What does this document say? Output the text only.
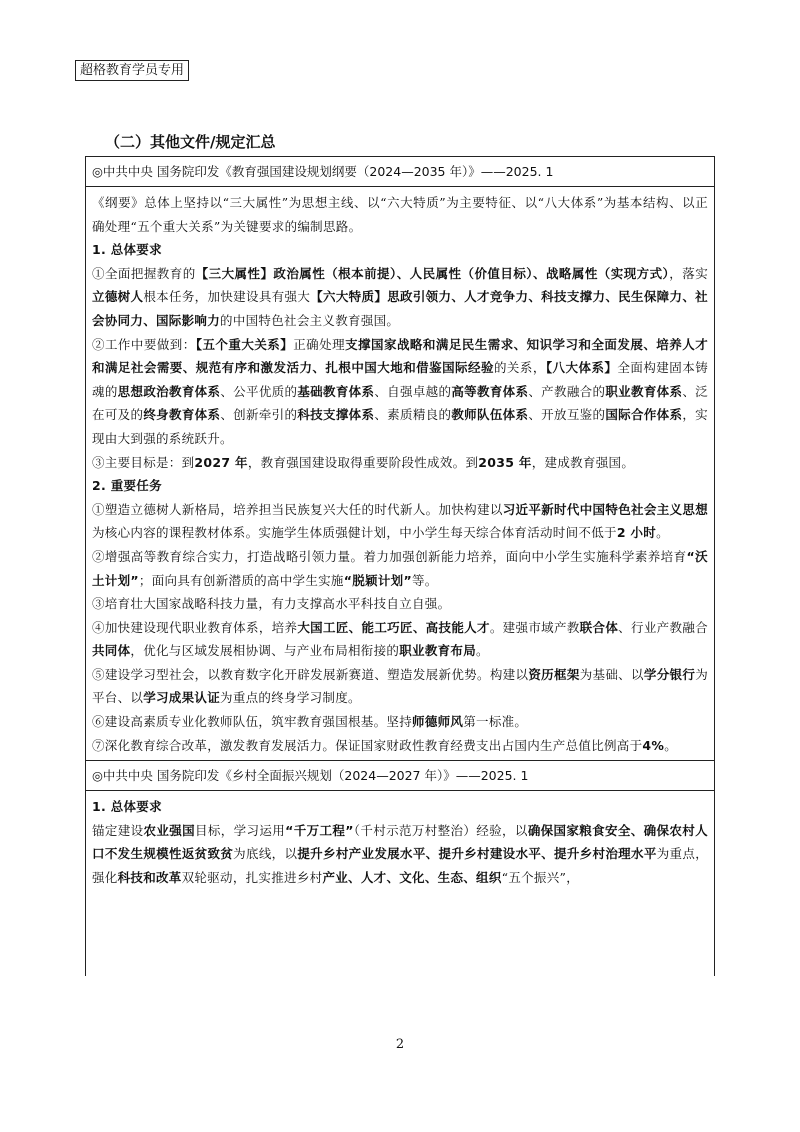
超格教育学员专用
（二）其他文件/规定汇总
◎中共中央 国务院印发《教育强国建设规划纲要（2024—2035 年）》——2025. 1

《纲要》总体上坚持以“三大属性”为思想主线、以“六大特质”为主要特征、以“八大体系”为基本结构、以正确处理“五个重大关系”为关键要求的编制思路。

1. 总体要求

①全面把握教育的【三大属性】政治属性（根本前提）、人民属性（价值目标）、战略属性（实现方式），落实立德树人根本任务，加快建设具有强大【六大特质】思政引领力、人才竞争力、科技支撑力、民生保障力、社会协同力、国际影响力的中国特色社会主义教育强国。

②工作中要做到：【五个重大关系】正确处理支撑国家战略和满足民生需求、知识学习和全面发展、培养人才和满足社会需要、规范有序和激发活力、扎根中国大地和借鉴国际经验的关系，【八大体系】全面构建固本铸魂的思想政治教育体系、公平优质的基础教育体系、自强卓越的高等教育体系、产教融合的职业教育体系、泛在可及的终身教育体系、创新牵引的科技支撑体系、素质精良的教师队伍体系、开放互鉴的国际合作体系，实现由大到强的系统跃升。

③主要目标是：到2027 年，教育强国建设取得重要阶段性成效。到2035 年，建成教育强国。

2. 重要任务

①塑造立德树人新格局，培养担当民族复兴大任的时代新人。加快构建以习近平新时代中国特色社会主义思想为核心内容的课程教材体系。实施学生体质强健计划，中小学生每天综合体育活动时间不低于2 小时。

②增强高等教育综合实力，打造战略引领力量。着力加强创新能力培养，面向中小学生实施科学素养培育“沃土计划”；面向具有创新潜质的高中学生实施“脱颖计划”等。

③培育壮大国家战略科技力量，有力支撑高水平科技自立自强。

④加快建设现代职业教育体系，培养大国工匠、能工巧匠、高技能人才。建强市域产教联合体、行业产教融合共同体，优化与区域发展相协调、与产业布局相衔接的职业教育布局。

⑤建设学习型社会，以教育数字化开辟发展新赛道、塑造发展新优势。构建以资历框架为基础、以学分银行为平台、以学习成果认证为重点的终身学习制度。

⑥建设高素质专业化教师队伍，筑牢教育强国根基。坚持师德师风第一标准。

⑦深化教育综合改革，激发教育发展活力。保证国家财政性教育经费支出占国内生产总值比例高于4%。

◎中共中央 国务院印发《乡村全面振兴规划（2024—2027 年）》——2025. 1

1. 总体要求

锚定建设农业强国目标，学习运用“千万工程”（千村示范万村整治）经验，以确保国家粮食安全、确保农村人口不发生规模性返贫致贫为底线，以提升乡村产业发展水平、提升乡村建设水平、提升乡村治理水平为重点，强化科技和改革双轮驱动，扎实推进乡村产业、人才、文化、生态、组织“五个振兴”，

2
